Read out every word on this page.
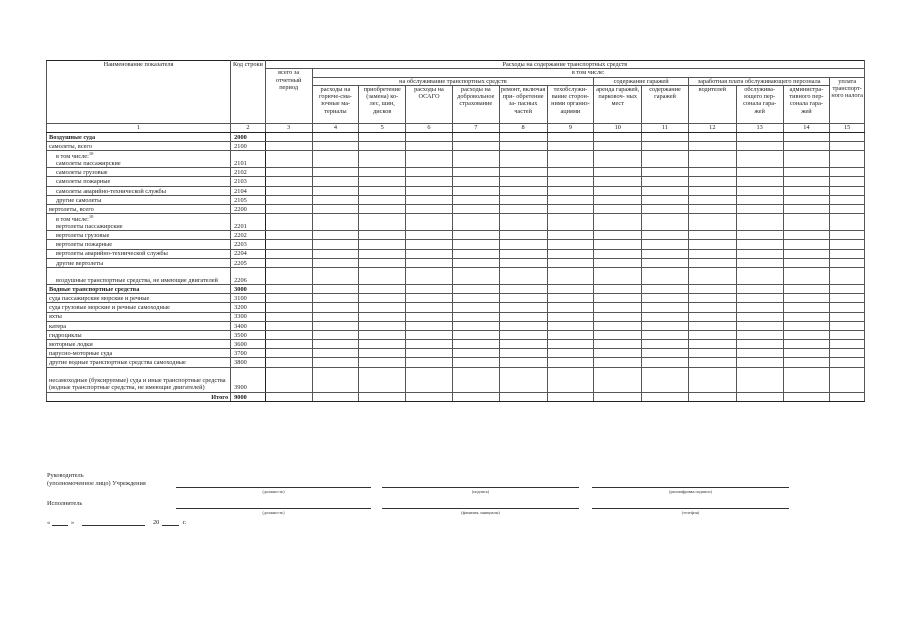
Наименование показателя	Код строки	Расходы на содержание транспортных средств												
		всего за отчетный период	в том числе:											
			на обслуживание транспортных средств						содержание гаражей		заработная плата обслуживающего персонала			уплата транспорт- ного налога
			расходы на горюче-сма- зочные ма- териалы	приобретение (замена) ко- лес, шин, дисков	расходы на ОСАГО	расходы на добровольное страхование	ремонт, включая при- обретение за- пасных частей	техобслужи- вание сторон- ними организ- ациями	аренда гаражей, парковоч- ных мест	содержание гаражей	водителей	обслужива- ющего пер- сонала гара- жей	администра- тивного пер- сонала гара- жей	
1	2	3	4	5	6	7	8	9	10	11	12	13	14	15
Воздушные суда	2000													
самолеты, всего	2100													

в том числе:$^{10}$
самолеты пассажирские	2101													
самолеты грузовые	2102													
самолеты пожарные	2103													
самолеты аварийно-технической службы	2104													
другие самолеты	2105													
вертолеты, всего	2200													

в том числе:$^{10}$
вертолеты пассажирские	2201													
вертолеты грузовые	2202													
вертолеты пожарные	2203													
вертолеты аварийно-технической службы	2204													
другие вертолеты	2205													
воздушные транспортные средства, не имеющие двигателей	2206													
Водные транспортные средства	3000													
суда пассажирские морские и речные	3100													
суда грузовые морские и речные самоходные	3200													
яхты	3300													
катера	3400													
гидроциклы	3500													
моторные лодки	3600													
парусно-моторные суда	3700													
другие водные транспортные средства самоходные	3800													
несамоходные (буксируемые) суда и иные транспортные средства (водные транспортные средства, не имеющие двигателей)	3900													
Итого	9000													
Руководитель
(уполномоченное лицо) Учреждения
(должность)	(подпись)	(расшифровка подписи)
Исполнитель
(должность)	(фамилия, инициалы)	(телефон)
«	»	20	г.
